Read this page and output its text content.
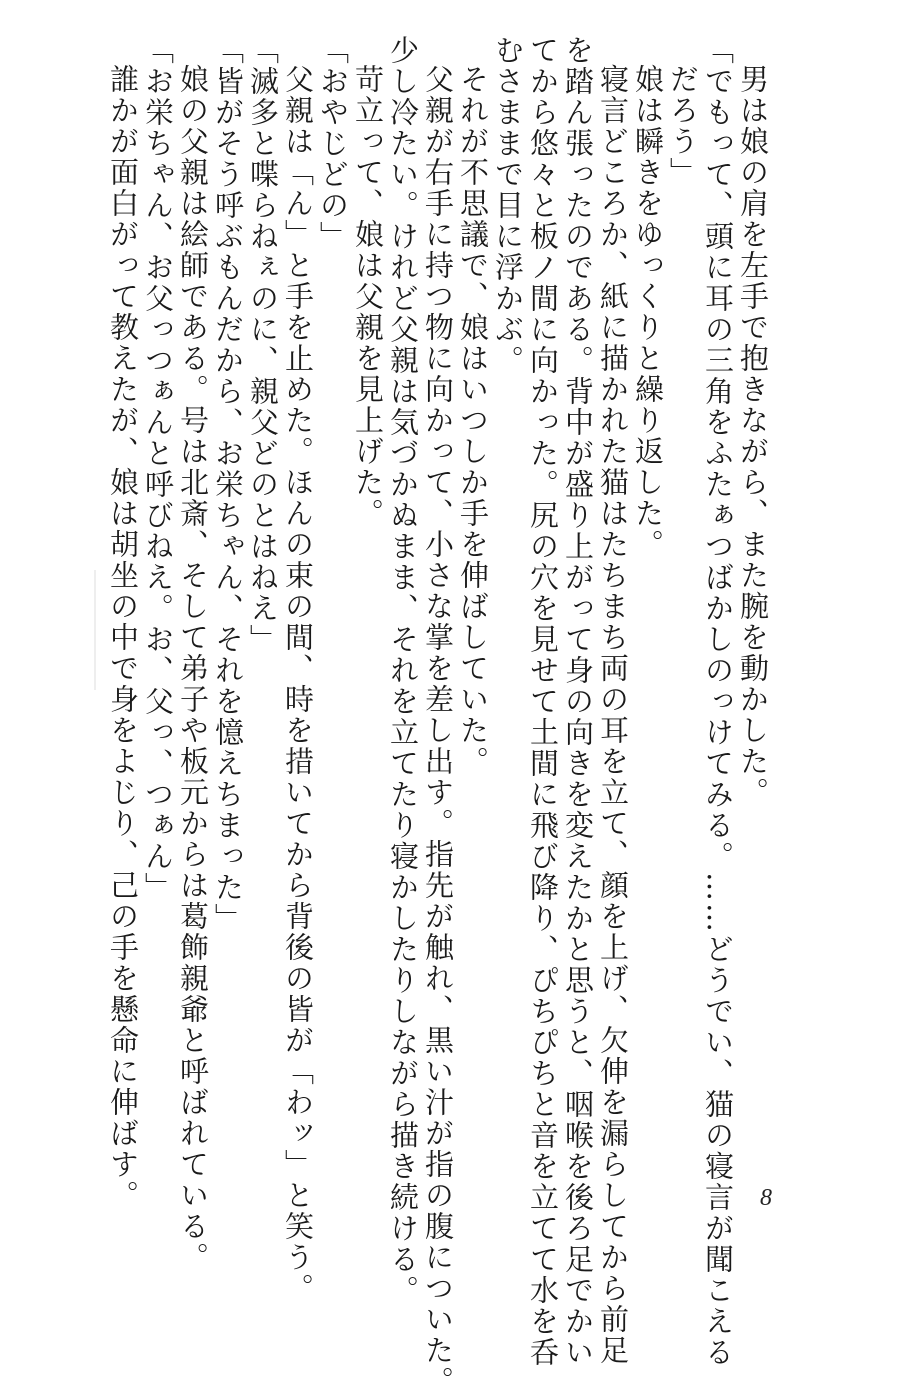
男は娘の肩を左手で抱きながら、また腕を動かした。
「でもって、頭に耳の三角をふたぁつばかしのっけてみる。……どうでい、猫の寝言が聞こえる
だろう」
娘は瞬きをゆっくりと繰り返した。
寝言どころか、紙に描かれた猫はたちまち両の耳を立て、顔を上げ、欠伸を漏らしてから前足
を踏ん張ったのである。背中が盛り上がって身の向きを変えたかと思うと、咽喉を後ろ足でかい
てから悠々と板ノ間に向かった。尻の穴を見せて土間に飛び降り、ぴちぴちと音を立てて水を呑
むさままで目に浮かぶ。
それが不思議で、娘はいつしか手を伸ばしていた。
父親が右手に持つ物に向かって、小さな掌を差し出す。指先が触れ、黒い汁が指の腹についた。
少し冷たい。けれど父親は気づかぬまま、それを立てたり寝かしたりしながら描き続ける。
苛立って、娘は父親を見上げた。
「おやじどの」
父親は「ん」と手を止めた。ほんの束の間、時を措いてから背後の皆が「わッ」と笑う。
「滅多と喋らねぇのに、親父どのとはねえ」
「皆がそう呼ぶもんだから、お栄ちゃん、それを憶えちまった」
娘の父親は絵師である。号は北斎、そして弟子や板元からは葛飾親爺と呼ばれている。
「お栄ちゃん、お父っつぁんと呼びねえ。お、父っ、つぁん」
誰かが面白がって教えたが、娘は胡坐の中で身をよじり、己の手を懸命に伸ばす。	8
